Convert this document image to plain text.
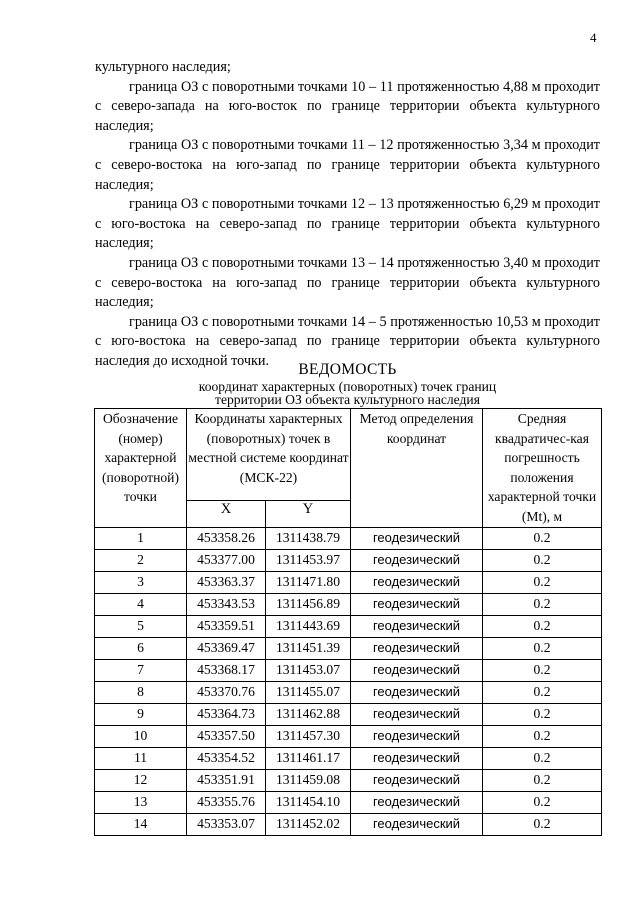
4

культурного наследия;

граница ОЗ с поворотными точками 10 – 11 протяженностью 4,88 м проходит с северо-запада на юго-восток по границе территории объекта культурного наследия;

граница ОЗ с поворотными точками 11 – 12 протяженностью 3,34 м проходит с северо-востока на юго-запад по границе территории объекта культурного наследия;

граница ОЗ с поворотными точками 12 – 13 протяженностью 6,29 м проходит с юго-востока на северо-запад по границе территории объекта культурного наследия;

граница ОЗ с поворотными точками 13 – 14 протяженностью 3,40 м проходит с северо-востока на юго-запад по границе территории объекта культурного наследия;

граница ОЗ с поворотными точками 14 – 5 протяженностью 10,53 м проходит с юго-востока на северо-запад по границе территории объекта культурного наследия до исходной точки.

ВЕДОМОСТЬ
координат характерных (поворотных) точек границ
территории ОЗ объекта культурного наследия
Обозначение (номер) характерной (поворотной) точки	Координаты характерных (поворотных) точек в местной системе координат (МСК-22)		Метод определения координат	Средняя квадратичес-кая погрешность положения характерной точки (Mt), м
	X	Y		
1	453358.26	1311438.79	геодезический	0.2
2	453377.00	1311453.97	геодезический	0.2
3	453363.37	1311471.80	геодезический	0.2
4	453343.53	1311456.89	геодезический	0.2
5	453359.51	1311443.69	геодезический	0.2
6	453369.47	1311451.39	геодезический	0.2
7	453368.17	1311453.07	геодезический	0.2
8	453370.76	1311455.07	геодезический	0.2
9	453364.73	1311462.88	геодезический	0.2
10	453357.50	1311457.30	геодезический	0.2
11	453354.52	1311461.17	геодезический	0.2
12	453351.91	1311459.08	геодезический	0.2
13	453355.76	1311454.10	геодезический	0.2
14	453353.07	1311452.02	геодезический	0.2
